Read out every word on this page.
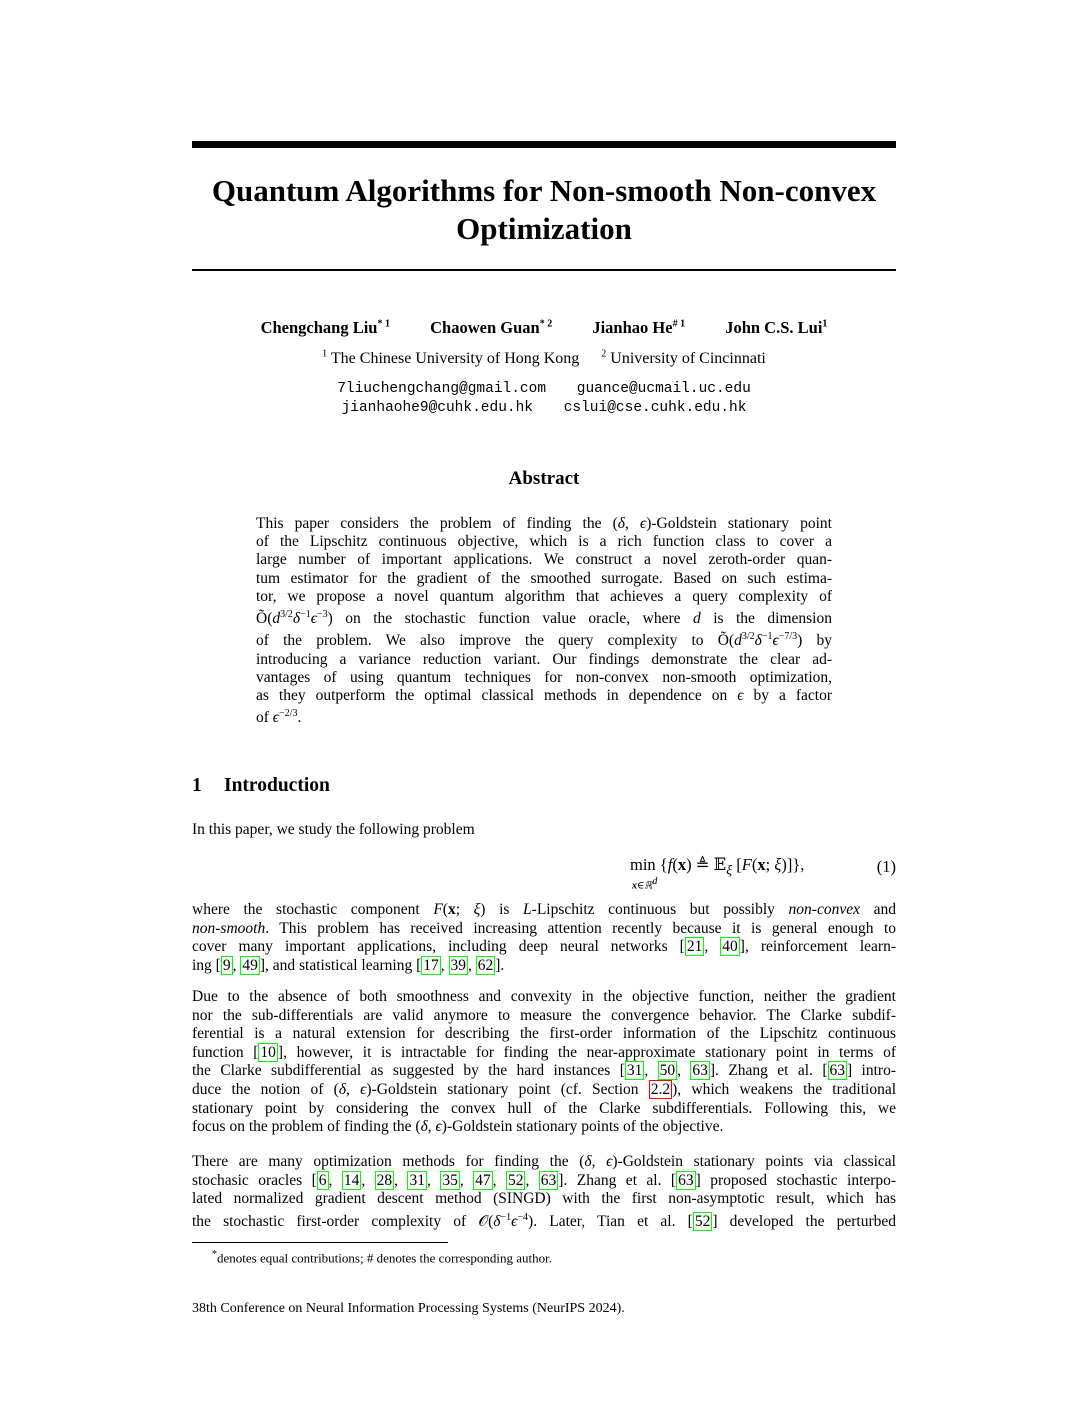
Quantum Algorithms for Non-smooth Non-convex
Optimization
Chengchang Liu$^{* 1}$ Chaowen Guan$^{* 2}$ Jianhao He$^{\# 1}$ John C.S. Lui$^1$
$^1$ The Chinese University of Hong Kong $^2$ University of Cincinnati
7liuchengchang@gmail.com guance@ucmail.uc.edu
jianhaohe9@cuhk.edu.hk cslui@cse.cuhk.edu.hk
Abstract
This paper considers the problem of finding the (δ, ϵ)-Goldstein stationary point
of the Lipschitz continuous objective, which is a rich function class to cover a
large number of important applications. We construct a novel zeroth-order quan-
tum estimator for the gradient of the smoothed surrogate. Based on such estima-
tor, we propose a novel quantum algorithm that achieves a query complexity of
$Õ(d^{3/2}\delta^{-1}\epsilon^{-3})$ on the stochastic function value oracle, where d is the dimension
of the problem. We also improve the query complexity to $Õ(d^{3/2}\delta^{-1}\epsilon^{-7/3})$ by
introducing a variance reduction variant. Our findings demonstrate the clear ad-
vantages of using quantum techniques for non-convex non-smooth optimization,
as they outperform the optimal classical methods in dependence on ϵ by a factor
of $\epsilon^{-2/3}$.
1 Introduction
In this paper, we study the following problem
min {f(x) ≜ 𝔼$_\xi$ [F(x; ξ)]},
x∈ℝ$^d$
(1)
where the stochastic component F(x; ξ) is L-Lipschitz continuous but possibly non-convex and
non-smooth. This problem has received increasing attention recently because it is general enough to
cover many important applications, including deep neural networks [ 21 , 40 ], reinforcement learn-
ing [ 9 , 49 ], and statistical learning [ 17 , 39 , 62 ].
Due to the absence of both smoothness and convexity in the objective function, neither the gradient
nor the sub-differentials are valid anymore to measure the convergence behavior. The Clarke subdif-
ferential is a natural extension for describing the first-order information of the Lipschitz continuous
function [ 10 ], however, it is intractable for finding the near-approximate stationary point in terms of
the Clarke subdifferential as suggested by the hard instances [ 31 , 50 , 63 ]. Zhang et al. [ 63 ] intro-
duce the notion of (δ, ϵ)-Goldstein stationary point (cf. Section 2.2 ), which weakens the traditional
stationary point by considering the convex hull of the Clarke subdifferentials. Following this, we
focus on the problem of finding the (δ, ϵ)-Goldstein stationary points of the objective.
There are many optimization methods for finding the (δ, ϵ)-Goldstein stationary points via classical
stochasic oracles [ 6 , 14 , 28 , 31 , 35 , 47 , 52 , 63 ]. Zhang et al. [ 63 ] proposed stochastic interpo-
lated normalized gradient descent method (SINGD) with the first non-asymptotic result, which has
the stochastic first-order complexity of $𝒪(\delta^{-1}\epsilon^{-4})$. Later, Tian et al. [ 52 ] developed the perturbed
*denotes equal contributions; # denotes the corresponding author.
38th Conference on Neural Information Processing Systems (NeurIPS 2024).
